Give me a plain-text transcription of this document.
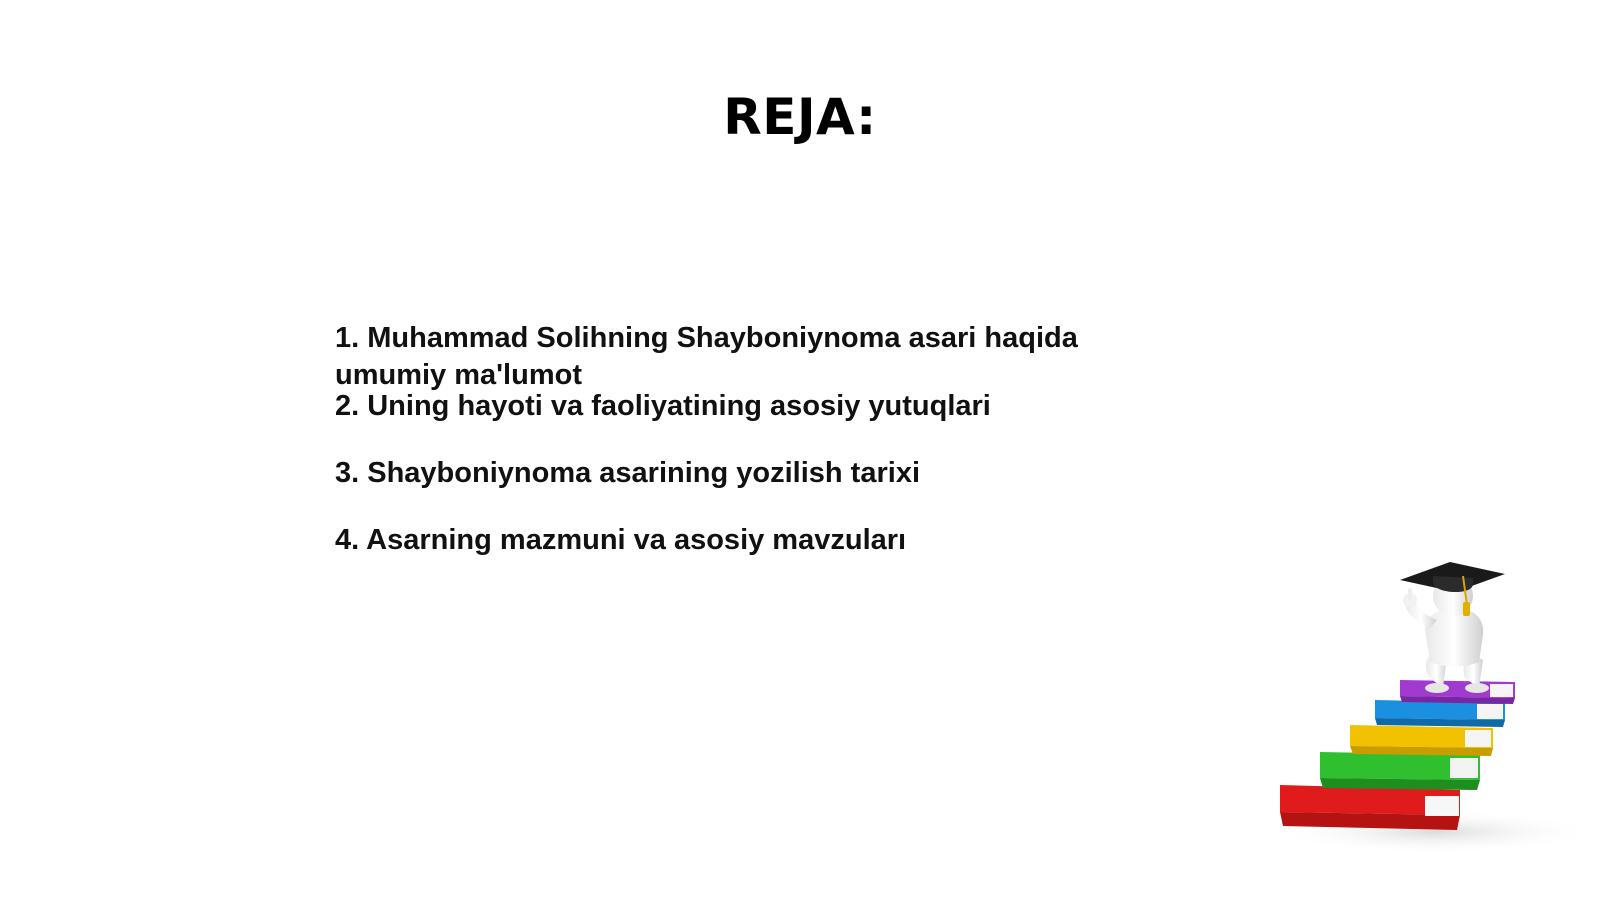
REJA:
1. Muhammad Solihning Shayboniynoma asari haqida umumiy ma'lumot
2. Uning hayoti va faoliyatining asosiy yutuqlari
3. Shayboniynoma asarining yozilish tarixi
4. Asarning mazmuni va asosiy mavzuları
